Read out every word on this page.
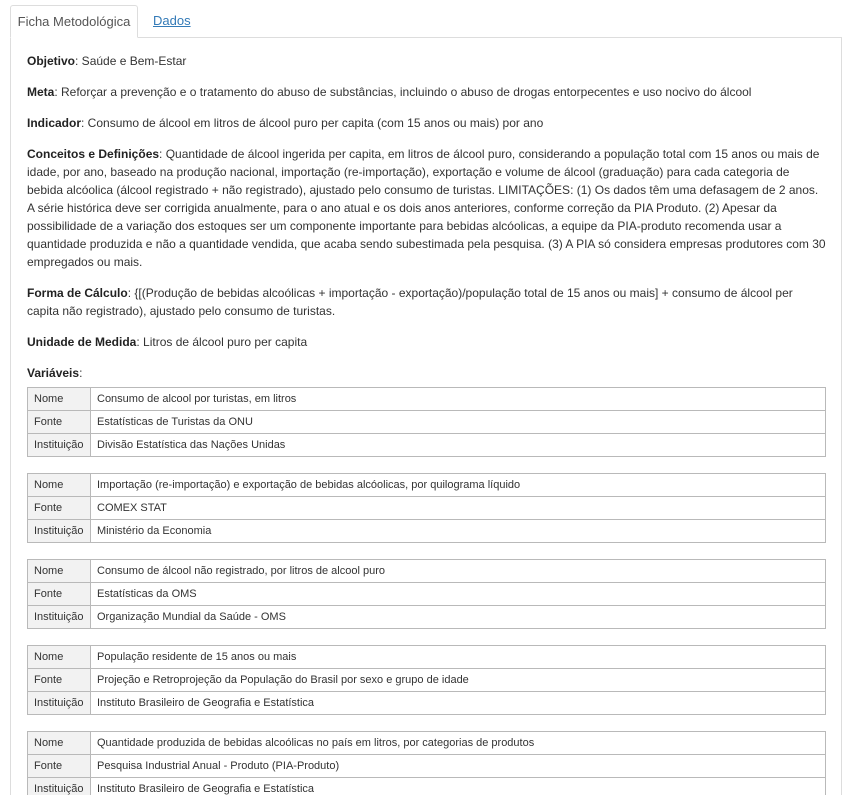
Ficha Metodológica	Dados

Objetivo: Saúde e Bem-Estar

Meta: Reforçar a prevenção e o tratamento do abuso de substâncias, incluindo o abuso de drogas entorpecentes e uso nocivo do álcool

Indicador: Consumo de álcool em litros de álcool puro per capita (com 15 anos ou mais) por ano

Conceitos e Definições: Quantidade de álcool ingerida per capita, em litros de álcool puro, considerando a população total com 15 anos ou mais de idade, por ano, baseado na produção nacional, importação (re-importação), exportação e volume de álcool (graduação) para cada categoria de bebida alcóolica (álcool registrado + não registrado), ajustado pelo consumo de turistas. LIMITAÇÕES: (1) Os dados têm uma defasagem de 2 anos. A série histórica deve ser corrigida anualmente, para o ano atual e os dois anos anteriores, conforme correção da PIA Produto. (2) Apesar da possibilidade de a variação dos estoques ser um componente importante para bebidas alcóolicas, a equipe da PIA-produto recomenda usar a quantidade produzida e não a quantidade vendida, que acaba sendo subestimada pela pesquisa. (3) A PIA só considera empresas produtores com 30 empregados ou mais.

Forma de Cálculo: {[(Produção de bebidas alcoólicas + importação - exportação)/população total de 15 anos ou mais] + consumo de álcool per capita não registrado), ajustado pelo consumo de turistas.

Unidade de Medida: Litros de álcool puro per capita

Variáveis:

Nome	Consumo de alcool por turistas, em litros
Fonte	Estatísticas de Turistas da ONU
Instituição	Divisão Estatística das Nações Unidas
Nome	Importação (re-importação) e exportação de bebidas alcóolicas, por quilograma líquido
Fonte	COMEX STAT
Instituição	Ministério da Economia
Nome	Consumo de álcool não registrado, por litros de alcool puro
Fonte	Estatísticas da OMS
Instituição	Organização Mundial da Saúde - OMS
Nome	População residente de 15 anos ou mais
Fonte	Projeção e Retroprojeção da População do Brasil por sexo e grupo de idade
Instituição	Instituto Brasileiro de Geografia e Estatística
Nome	Quantidade produzida de bebidas alcoólicas no país em litros, por categorias de produtos
Fonte	Pesquisa Industrial Anual - Produto (PIA-Produto)
Instituição	Instituto Brasileiro de Geografia e Estatística
